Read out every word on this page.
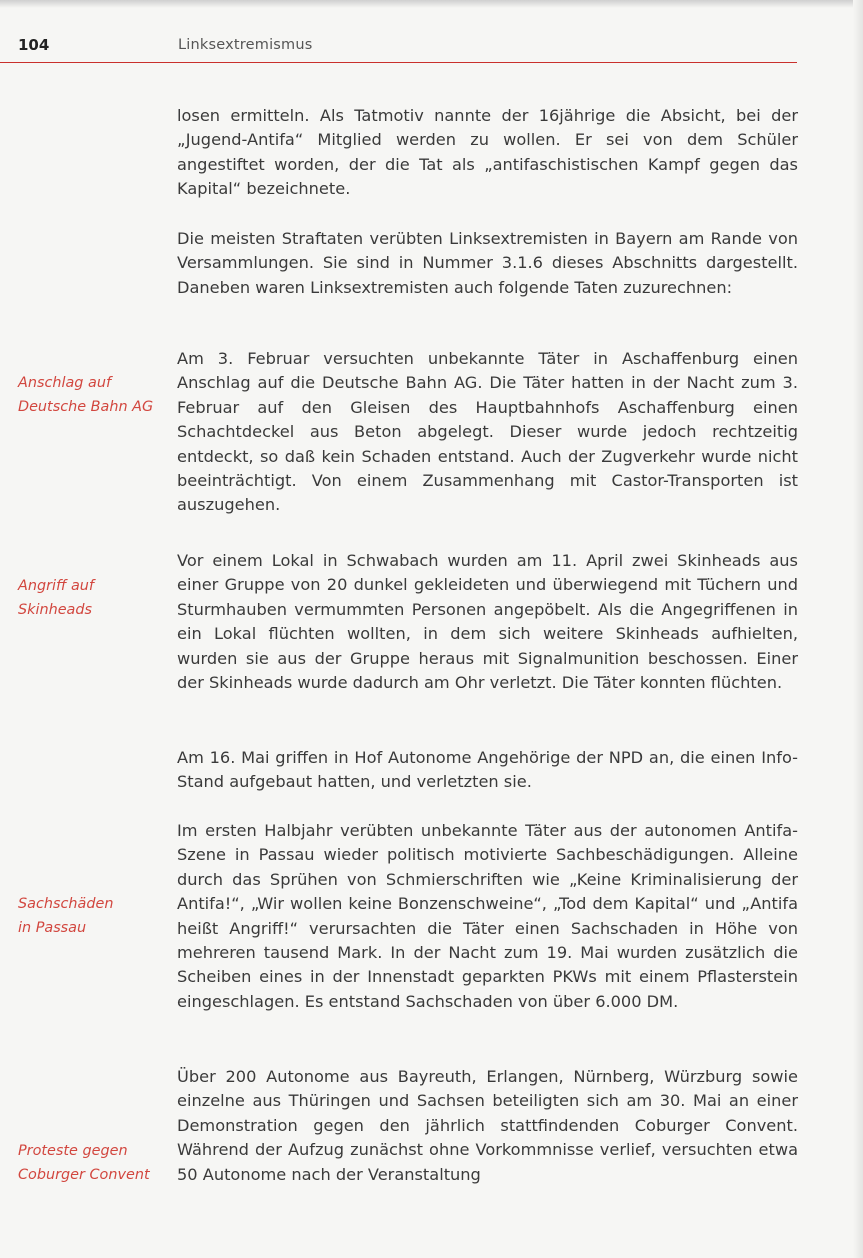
104	Linksextremismus

losen ermitteln. Als Tatmotiv nannte der 16jährige die Absicht, bei der „Jugend-Antifa“ Mitglied werden zu wollen. Er sei von dem Schüler angestiftet worden, der die Tat als „antifaschistischen Kampf gegen das Kapital“ bezeichnete.

Die meisten Straftaten verübten Linksextremisten in Bayern am Rande von Versammlungen. Sie sind in Nummer 3.1.6 dieses Abschnitts dargestellt. Daneben waren Linksextremisten auch folgende Taten zuzurechnen:

Anschlag auf
Deutsche Bahn AG

Am 3. Februar versuchten unbekannte Täter in Aschaffenburg einen Anschlag auf die Deutsche Bahn AG. Die Täter hatten in der Nacht zum 3. Februar auf den Gleisen des Hauptbahnhofs Aschaffenburg einen Schachtdeckel aus Beton abgelegt. Dieser wurde jedoch rechtzeitig entdeckt, so daß kein Schaden entstand. Auch der Zugverkehr wurde nicht beeinträchtigt. Von einem Zusammenhang mit Castor-Transporten ist auszugehen.

Angriff auf
Skinheads

Vor einem Lokal in Schwabach wurden am 11. April zwei Skinheads aus einer Gruppe von 20 dunkel gekleideten und überwiegend mit Tüchern und Sturmhauben vermummten Personen angepöbelt. Als die Angegriffenen in ein Lokal flüchten wollten, in dem sich weitere Skinheads aufhielten, wurden sie aus der Gruppe heraus mit Signalmunition beschossen. Einer der Skinheads wurde dadurch am Ohr verletzt. Die Täter konnten flüchten.

Am 16. Mai griffen in Hof Autonome Angehörige der NPD an, die einen Info-Stand aufgebaut hatten, und verletzten sie.

Sachschäden
in Passau

Im ersten Halbjahr verübten unbekannte Täter aus der autonomen Antifa-Szene in Passau wieder politisch motivierte Sachbeschädigungen. Alleine durch das Sprühen von Schmierschriften wie „Keine Kriminalisierung der Antifa!“, „Wir wollen keine Bonzenschweine“, „Tod dem Kapital“ und „Antifa heißt Angriff!“ verursachten die Täter einen Sachschaden in Höhe von mehreren tausend Mark. In der Nacht zum 19. Mai wurden zusätzlich die Scheiben eines in der Innenstadt geparkten PKWs mit einem Pflasterstein eingeschlagen. Es entstand Sachschaden von über 6.000 DM.

Proteste gegen
Coburger Convent

Über 200 Autonome aus Bayreuth, Erlangen, Nürnberg, Würzburg sowie einzelne aus Thüringen und Sachsen beteiligten sich am 30. Mai an einer Demonstration gegen den jährlich stattfindenden Coburger Convent. Während der Aufzug zunächst ohne Vorkommnisse verlief, versuchten etwa 50 Autonome nach der Veranstaltung
